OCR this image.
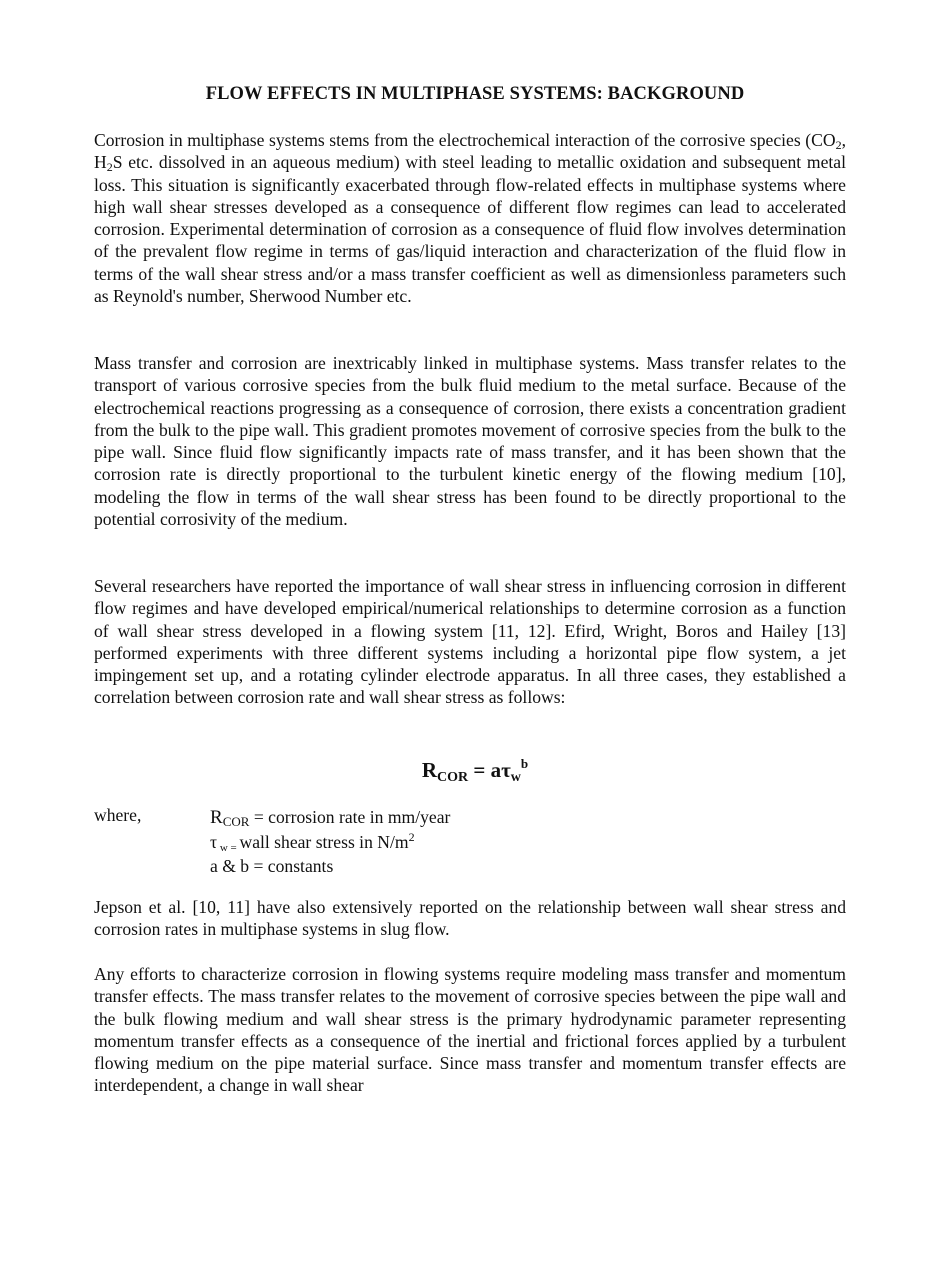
FLOW EFFECTS IN MULTIPHASE SYSTEMS: BACKGROUND

Corrosion in multiphase systems stems from the electrochemical interaction of the corrosive species ($CO_2$, $H_2S$ etc. dissolved in an aqueous medium) with steel leading to metallic oxidation and subsequent metal loss. This situation is significantly exacerbated through flow-related effects in multiphase systems where high wall shear stresses developed as a consequence of different flow regimes can lead to accelerated corrosion. Experimental determination of corrosion as a consequence of fluid flow involves determination of the prevalent flow regime in terms of gas/liquid interaction and characterization of the fluid flow in terms of the wall shear stress and/or a mass transfer coefficient as well as dimensionless parameters such as Reynold's number, Sherwood Number etc.

Mass transfer and corrosion are inextricably linked in multiphase systems. Mass transfer relates to the transport of various corrosive species from the bulk fluid medium to the metal surface. Because of the electrochemical reactions progressing as a consequence of corrosion, there exists a concentration gradient from the bulk to the pipe wall. This gradient promotes movement of corrosive species from the bulk to the pipe wall. Since fluid flow significantly impacts rate of mass transfer, and it has been shown that the corrosion rate is directly proportional to the turbulent kinetic energy of the flowing medium [10], modeling the flow in terms of the wall shear stress has been found to be directly proportional to the potential corrosivity of the medium.

Several researchers have reported the importance of wall shear stress in influencing corrosion in different flow regimes and have developed empirical/numerical relationships to determine corrosion as a function of wall shear stress developed in a flowing system [11, 12]. Efird, Wright, Boros and Hailey [13] performed experiments with three different systems including a horizontal pipe flow system, a jet impingement set up, and a rotating cylinder electrode apparatus. In all three cases, they established a correlation between corrosion rate and wall shear stress as follows:

RCOR = aτw$^b$
where,	$R_{COR}$ = corrosion rate in mm/year
τ $_{w =}$ wall shear stress in $N/m^2$
a & b = constants

Jepson et al. [10, 11] have also extensively reported on the relationship between wall shear stress and corrosion rates in multiphase systems in slug flow.

Any efforts to characterize corrosion in flowing systems require modeling mass transfer and momentum transfer effects. The mass transfer relates to the movement of corrosive species between the pipe wall and the bulk flowing medium and wall shear stress is the primary hydrodynamic parameter representing momentum transfer effects as a consequence of the inertial and frictional forces applied by a turbulent flowing medium on the pipe material surface. Since mass transfer and momentum transfer effects are interdependent, a change in wall shear
